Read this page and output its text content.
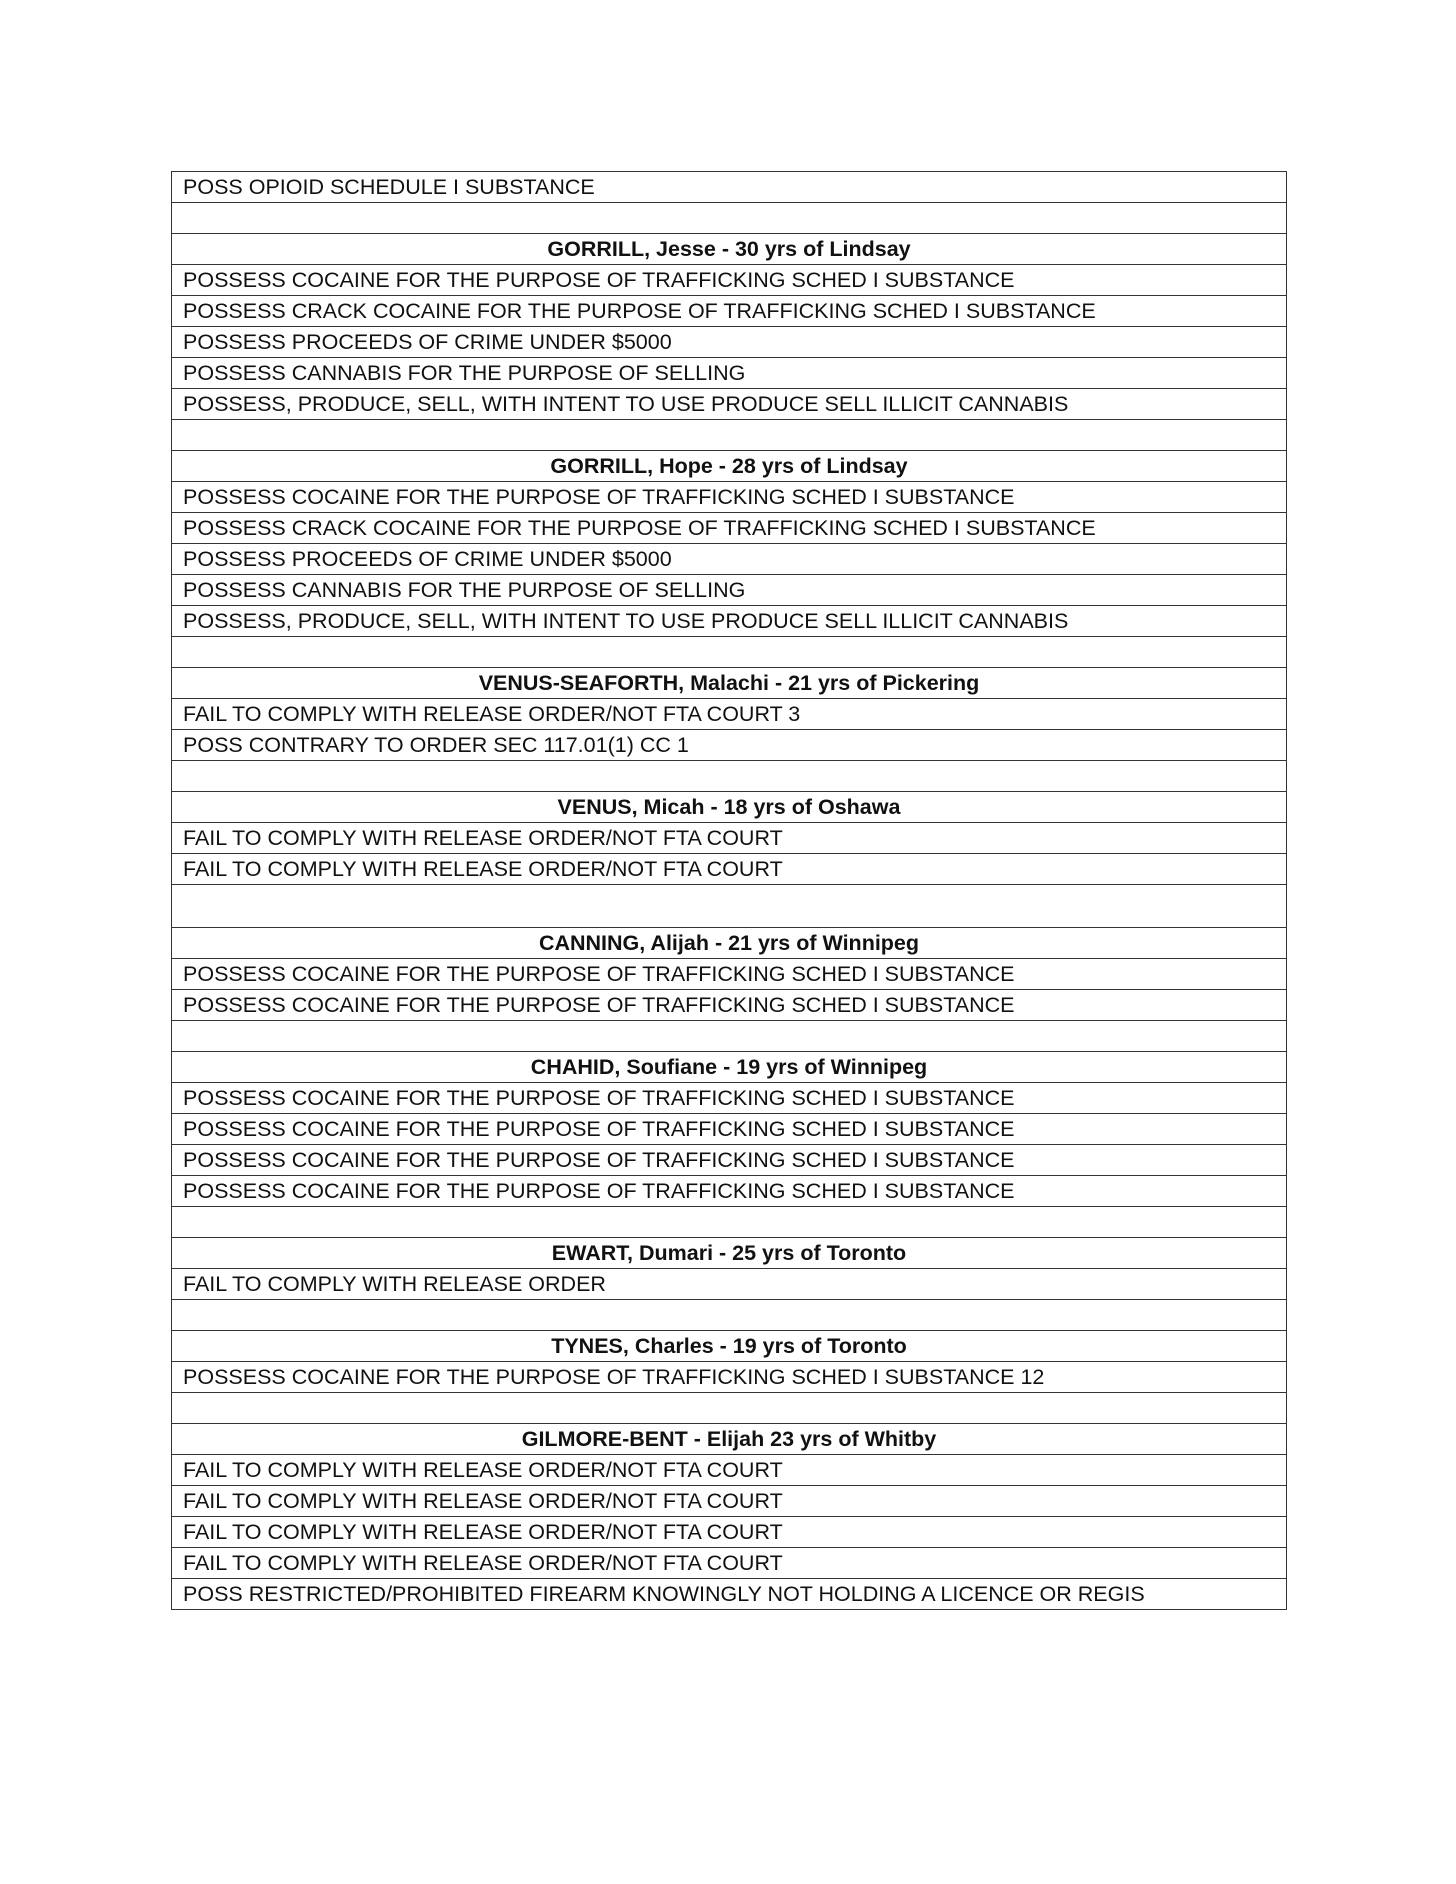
POSS OPIOID SCHEDULE I SUBSTANCE

GORRILL, Jesse - 30 yrs of Lindsay
POSSESS COCAINE FOR THE PURPOSE OF TRAFFICKING SCHED I SUBSTANCE
POSSESS CRACK COCAINE FOR THE PURPOSE OF TRAFFICKING SCHED I SUBSTANCE
POSSESS PROCEEDS OF CRIME UNDER $5000
POSSESS CANNABIS FOR THE PURPOSE OF SELLING
POSSESS, PRODUCE, SELL, WITH INTENT TO USE PRODUCE SELL ILLICIT CANNABIS

GORRILL, Hope - 28 yrs of Lindsay
POSSESS COCAINE FOR THE PURPOSE OF TRAFFICKING SCHED I SUBSTANCE
POSSESS CRACK COCAINE FOR THE PURPOSE OF TRAFFICKING SCHED I SUBSTANCE
POSSESS PROCEEDS OF CRIME UNDER $5000
POSSESS CANNABIS FOR THE PURPOSE OF SELLING
POSSESS, PRODUCE, SELL, WITH INTENT TO USE PRODUCE SELL ILLICIT CANNABIS

VENUS-SEAFORTH, Malachi - 21 yrs of Pickering
FAIL TO COMPLY WITH RELEASE ORDER/NOT FTA COURT 3
POSS CONTRARY TO ORDER SEC 117.01(1) CC 1

VENUS, Micah - 18 yrs of Oshawa
FAIL TO COMPLY WITH RELEASE ORDER/NOT FTA COURT
FAIL TO COMPLY WITH RELEASE ORDER/NOT FTA COURT

CANNING, Alijah - 21 yrs of Winnipeg
POSSESS COCAINE FOR THE PURPOSE OF TRAFFICKING SCHED I SUBSTANCE
POSSESS COCAINE FOR THE PURPOSE OF TRAFFICKING SCHED I SUBSTANCE

CHAHID, Soufiane - 19 yrs of Winnipeg
POSSESS COCAINE FOR THE PURPOSE OF TRAFFICKING SCHED I SUBSTANCE
POSSESS COCAINE FOR THE PURPOSE OF TRAFFICKING SCHED I SUBSTANCE
POSSESS COCAINE FOR THE PURPOSE OF TRAFFICKING SCHED I SUBSTANCE
POSSESS COCAINE FOR THE PURPOSE OF TRAFFICKING SCHED I SUBSTANCE

EWART, Dumari - 25 yrs of Toronto
FAIL TO COMPLY WITH RELEASE ORDER

TYNES, Charles - 19 yrs of Toronto
POSSESS COCAINE FOR THE PURPOSE OF TRAFFICKING SCHED I SUBSTANCE 12

GILMORE-BENT - Elijah 23 yrs of Whitby
FAIL TO COMPLY WITH RELEASE ORDER/NOT FTA COURT
FAIL TO COMPLY WITH RELEASE ORDER/NOT FTA COURT
FAIL TO COMPLY WITH RELEASE ORDER/NOT FTA COURT
FAIL TO COMPLY WITH RELEASE ORDER/NOT FTA COURT
POSS RESTRICTED/PROHIBITED FIREARM KNOWINGLY NOT HOLDING A LICENCE OR REGIS
